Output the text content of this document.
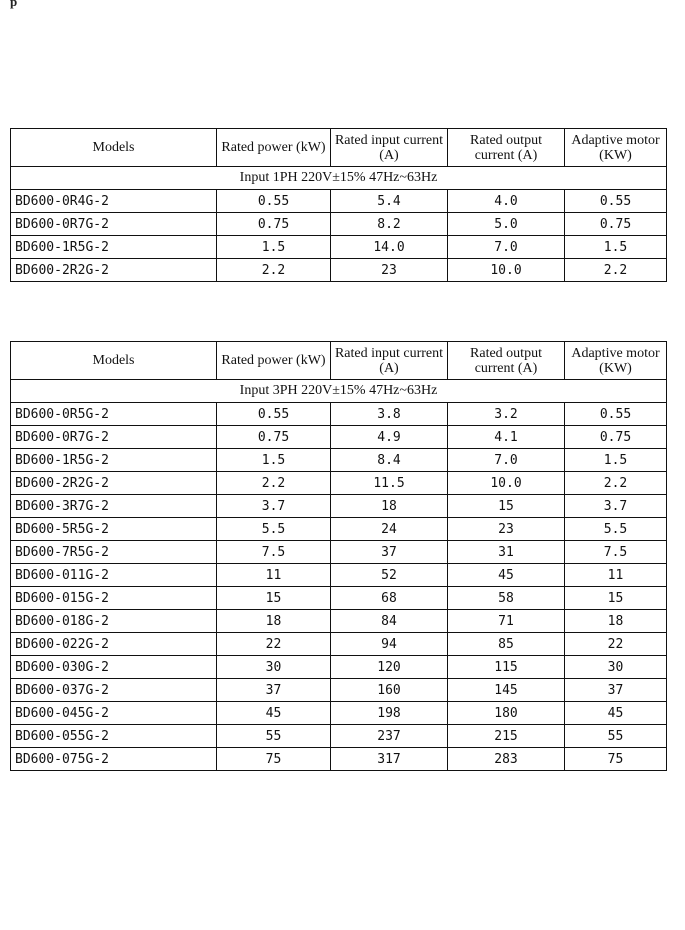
p
Models	Rated power (kW)	Rated input current (A)	Rated output current (A)	Adaptive motor (KW)
Input 1PH 220V±15% 47Hz~63Hz				
BD600-0R4G-2	0.55	5.4	4.0	0.55
BD600-0R7G-2	0.75	8.2	5.0	0.75
BD600-1R5G-2	1.5	14.0	7.0	1.5
BD600-2R2G-2	2.2	23	10.0	2.2
Models	Rated power (kW)	Rated input current (A)	Rated output current (A)	Adaptive motor (KW)
Input 3PH 220V±15% 47Hz~63Hz				
BD600-0R5G-2	0.55	3.8	3.2	0.55
BD600-0R7G-2	0.75	4.9	4.1	0.75
BD600-1R5G-2	1.5	8.4	7.0	1.5
BD600-2R2G-2	2.2	11.5	10.0	2.2
BD600-3R7G-2	3.7	18	15	3.7
BD600-5R5G-2	5.5	24	23	5.5
BD600-7R5G-2	7.5	37	31	7.5
BD600-011G-2	11	52	45	11
BD600-015G-2	15	68	58	15
BD600-018G-2	18	84	71	18
BD600-022G-2	22	94	85	22
BD600-030G-2	30	120	115	30
BD600-037G-2	37	160	145	37
BD600-045G-2	45	198	180	45
BD600-055G-2	55	237	215	55
BD600-075G-2	75	317	283	75
